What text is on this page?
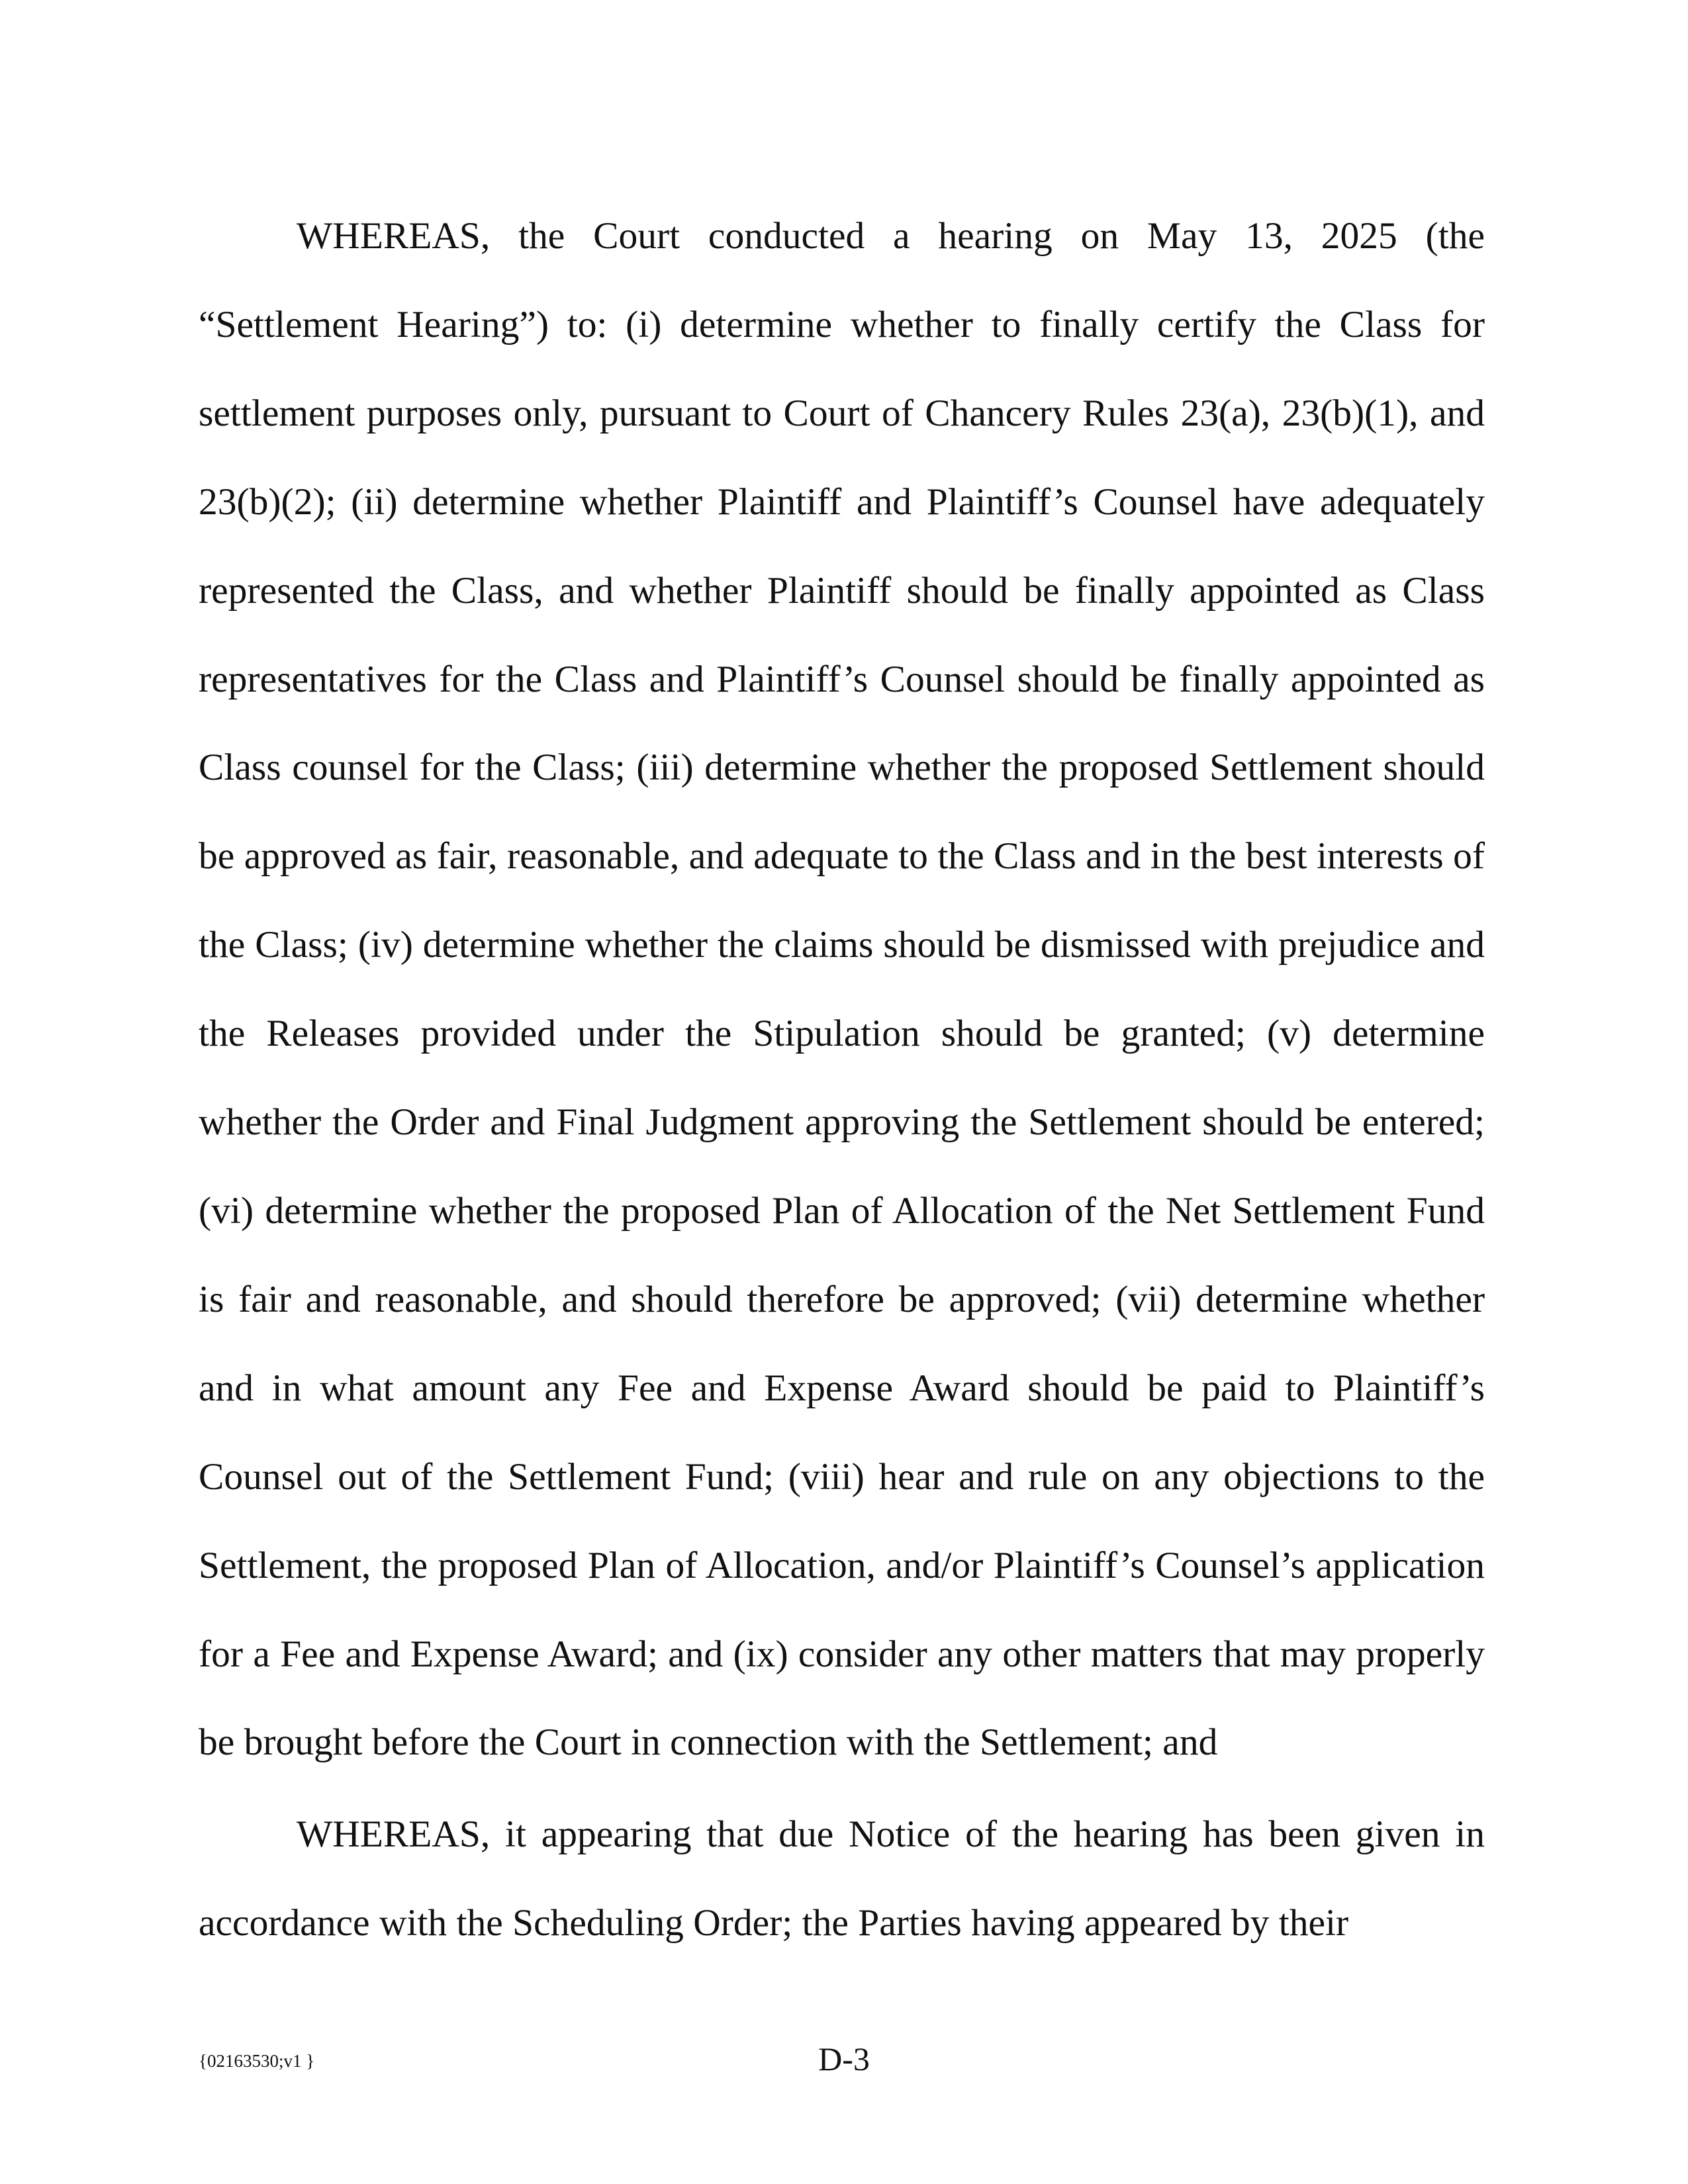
WHEREAS, the Court conducted a hearing on May 13, 2025 (the “Settlement Hearing”) to: (i) determine whether to finally certify the Class for settlement purposes only, pursuant to Court of Chancery Rules 23(a), 23(b)(1), and 23(b)(2); (ii) determine whether Plaintiff and Plaintiff’s Counsel have adequately represented the Class, and whether Plaintiff should be finally appointed as Class representatives for the Class and Plaintiff’s Counsel should be finally appointed as Class counsel for the Class; (iii) determine whether the proposed Settlement should be approved as fair, reasonable, and adequate to the Class and in the best interests of the Class; (iv) determine whether the claims should be dismissed with prejudice and the Releases provided under the Stipulation should be granted; (v) determine whether the Order and Final Judgment approving the Settlement should be entered; (vi) determine whether the proposed Plan of Allocation of the Net Settlement Fund is fair and reasonable, and should therefore be approved; (vii) determine whether and in what amount any Fee and Expense Award should be paid to Plaintiff’s Counsel out of the Settlement Fund; (viii) hear and rule on any objections to the Settlement, the proposed Plan of Allocation, and/or Plaintiff’s Counsel’s application for a Fee and Expense Award; and (ix) consider any other matters that may properly be brought before the Court in connection with the Settlement; and

WHEREAS, it appearing that due Notice of the hearing has been given in accordance with the Scheduling Order; the Parties having appeared by their

{02163530;v1 }	D-3
